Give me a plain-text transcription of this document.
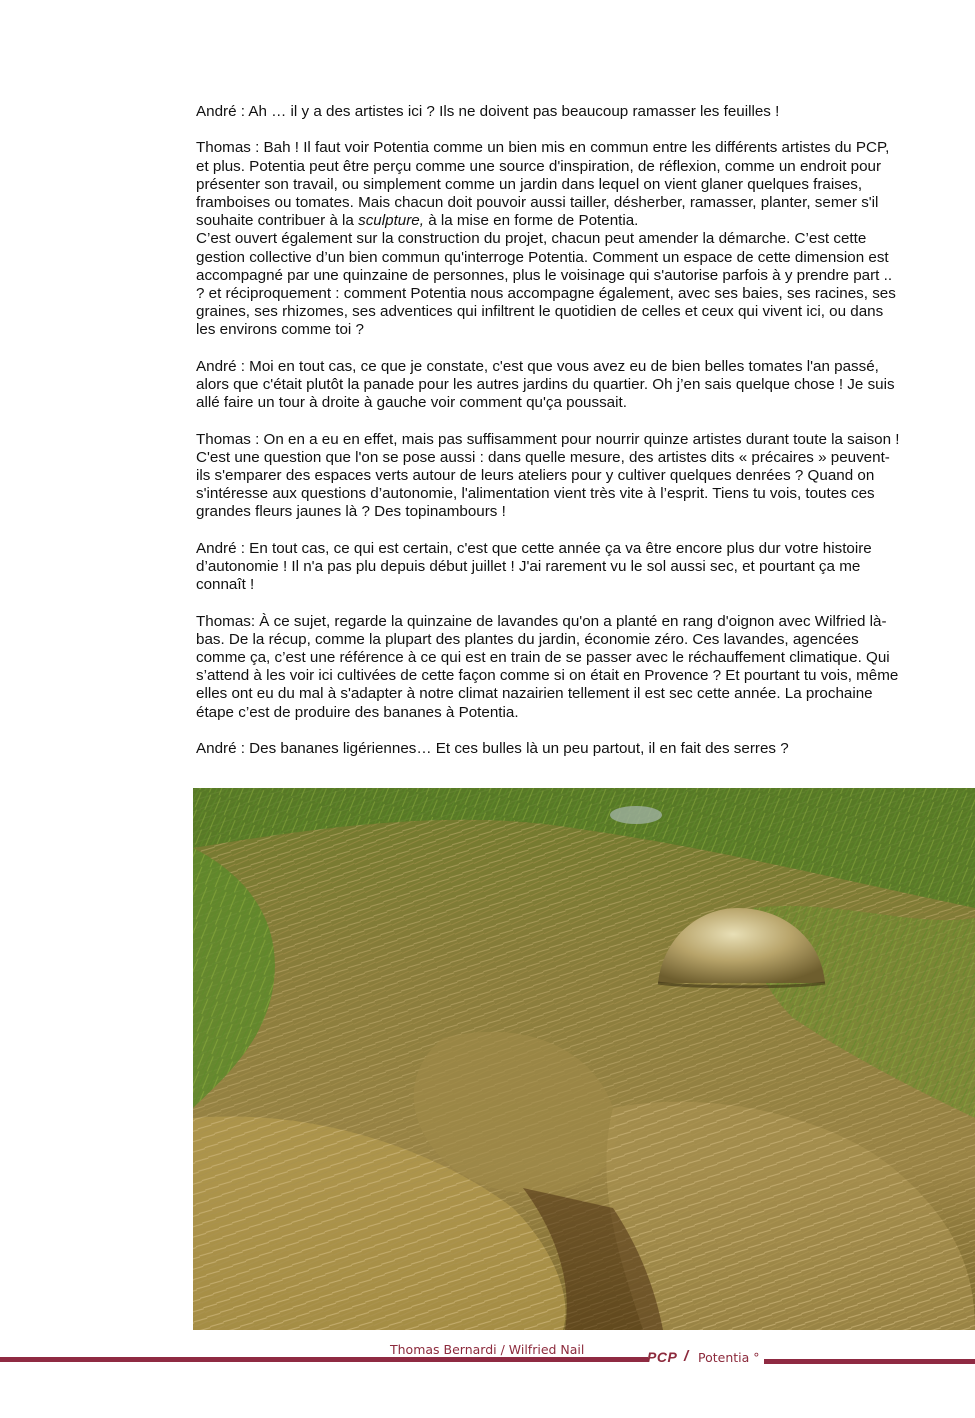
André : Ah … il y a des artistes ici ? Ils ne doivent pas beaucoup ramasser les feuilles !

Thomas : Bah ! Il faut voir Potentia comme un bien mis en commun entre les différents artistes du PCP, et plus. Potentia peut être perçu comme une source d'inspiration, de réflexion, comme un endroit pour présenter son travail, ou simplement comme un jardin dans lequel on vient glaner quelques fraises, framboises ou tomates. Mais chacun doit pouvoir aussi tailler, désherber, ramasser, planter, semer s'il souhaite contribuer à la sculpture, à la mise en forme de Potentia.

C’est ouvert également sur la construction du projet, chacun peut amender la démarche. C’est cette gestion collective d’un bien commun qu'interroge Potentia. Comment un espace de cette dimension est accompagné par une quinzaine de personnes, plus le voisinage qui s'autorise parfois à y prendre part .. ? et réciproquement : comment Potentia nous accompagne également, avec ses baies, ses racines, ses graines, ses rhizomes, ses adventices qui infiltrent le quotidien de celles et ceux qui vivent ici, ou dans les environs comme toi ?

André : Moi en tout cas, ce que je constate, c'est que vous avez eu de bien belles tomates l'an passé, alors que c'était plutôt la panade pour les autres jardins du quartier. Oh j’en sais quelque chose ! Je suis allé faire un tour à droite à gauche voir comment qu'ça poussait.

Thomas : On en a eu en effet, mais pas suffisamment pour nourrir quinze artistes durant toute la saison ! C'est une question que l'on se pose aussi : dans quelle mesure, des artistes dits « précaires » peuvent-ils s'emparer des espaces verts autour de leurs ateliers pour y cultiver quelques denrées ? Quand on s'intéresse aux questions d’autonomie, l'alimentation vient très vite à l’esprit. Tiens tu vois, toutes ces grandes fleurs jaunes là ? Des topinambours !

André : En tout cas, ce qui est certain, c'est que cette année ça va être encore plus dur votre histoire d’autonomie ! Il n'a pas plu depuis début juillet ! J'ai rarement vu le sol aussi sec, et pourtant ça me connaît !

Thomas: À ce sujet, regarde la quinzaine de lavandes qu'on a planté en rang d'oignon avec Wilfried là-bas. De la récup, comme la plupart des plantes du jardin, économie zéro. Ces lavandes, agencées comme ça, c’est une référence à ce qui est en train de se passer avec le réchauffement climatique. Qui s’attend à les voir ici cultivées de cette façon comme si on était en Provence ? Et pourtant tu vois, même elles ont eu du mal à s'adapter à notre climat nazairien tellement il est sec cette année. La prochaine étape c’est de produire des bananes à Potentia.

André : Des bananes ligériennes… Et ces bulles là un peu partout, il en fait des serres ?

Thomas Bernardi / Wilfried Nail	PCP / Potentia °
